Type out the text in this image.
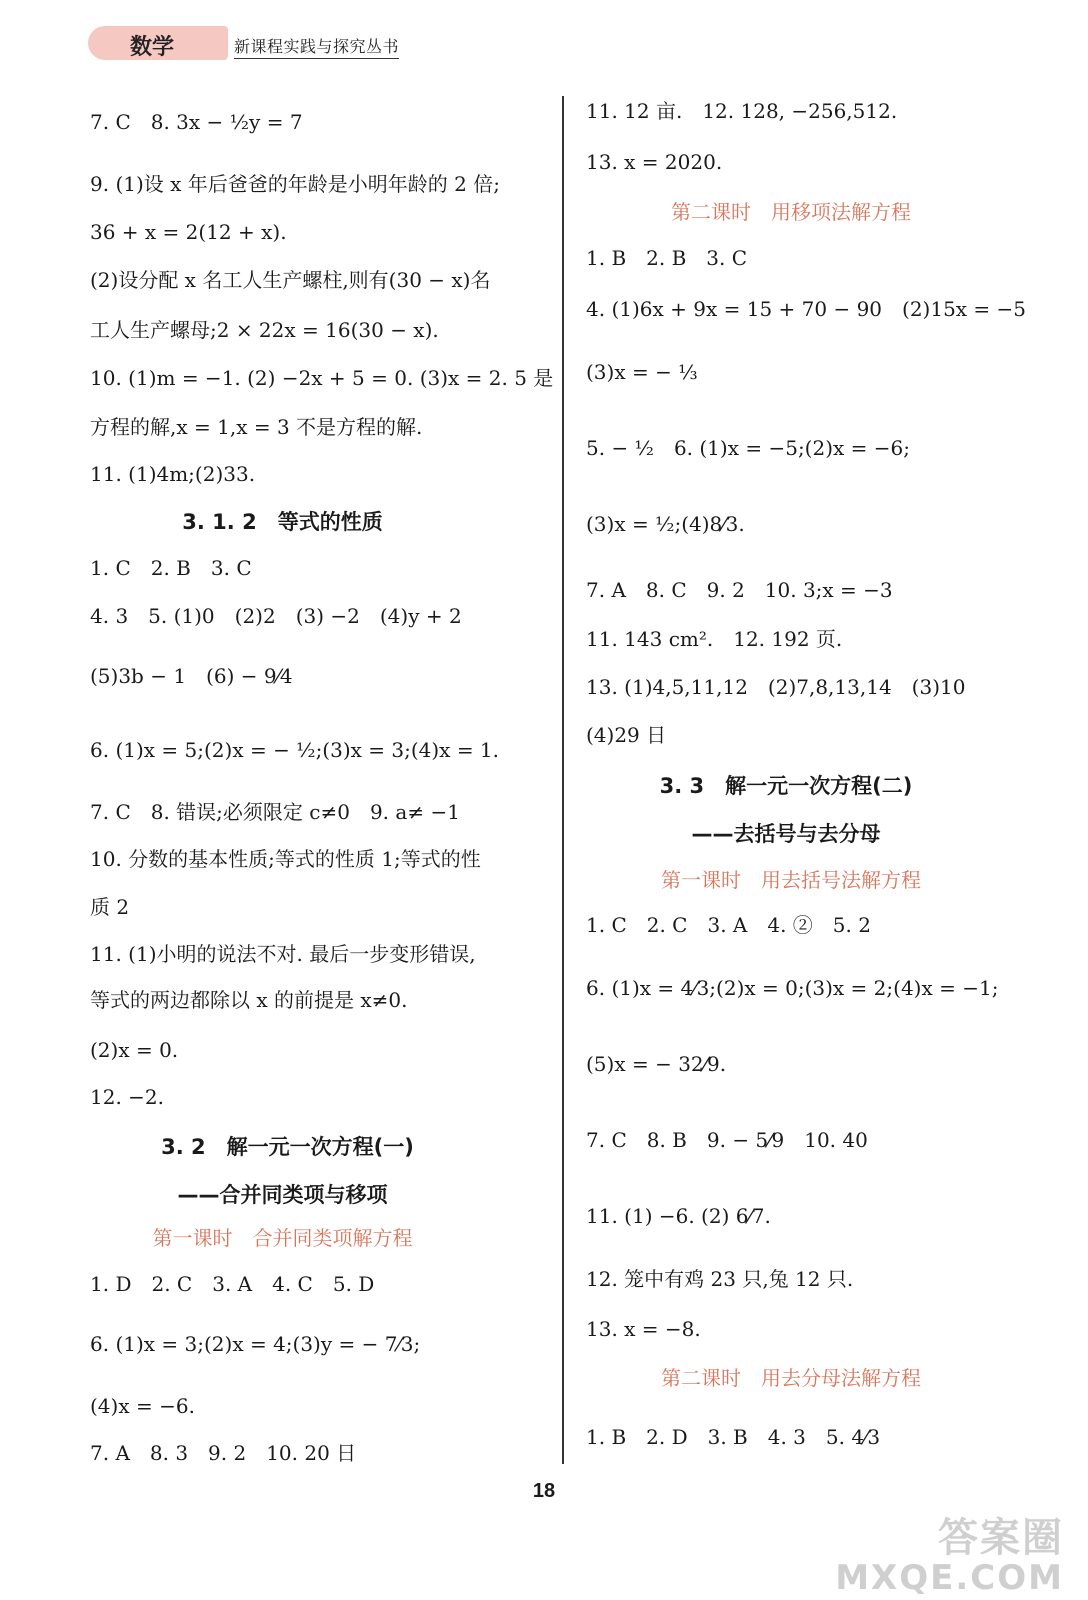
数学	新课程实践与探究丛书
7. C　8. 3x − ½y = 7
9. (1)设 x 年后爸爸的年龄是小明年龄的 2 倍;
36 + x = 2(12 + x).
(2)设分配 x 名工人生产螺柱,则有(30 − x)名
工人生产螺母;2 × 22x = 16(30 − x).
10. (1)m = −1. (2) −2x + 5 = 0. (3)x = 2. 5 是
方程的解,x = 1,x = 3 不是方程的解.
11. (1)4m;(2)33.
3. 1. 2　等式的性质
1. C　2. B　3. C
4. 3　5. (1)0　(2)2　(3) −2　(4)y + 2
(5)3b − 1　(6) − 9⁄4
6. (1)x = 5;(2)x = − ½;(3)x = 3;(4)x = 1.
7. C　8. 错误;必须限定 c≠0　9. a≠ −1
10. 分数的基本性质;等式的性质 1;等式的性
质 2
11. (1)小明的说法不对. 最后一步变形错误,
等式的两边都除以 x 的前提是 x≠0.
(2)x = 0.
12. −2.
3. 2　解一元一次方程(一)
——合并同类项与移项
第一课时　合并同类项解方程
1. D　2. C　3. A　4. C　5. D
6. (1)x = 3;(2)x = 4;(3)y = − 7⁄3;
(4)x = −6.
7. A　8. 3　9. 2　10. 20 日
11. 12 亩.　12. 128, −256,512.
13. x = 2020.
第二课时　用移项法解方程
1. B　2. B　3. C
4. (1)6x + 9x = 15 + 70 − 90　(2)15x = −5
(3)x = − ⅓
5. − ½　6. (1)x = −5;(2)x = −6;
(3)x = ½;(4)8⁄3.
7. A　8. C　9. 2　10. 3;x = −3
11. 143 cm².　12. 192 页.
13. (1)4,5,11,12　(2)7,8,13,14　(3)10
(4)29 日
3. 3　解一元一次方程(二)
——去括号与去分母
第一课时　用去括号法解方程
1. C　2. C　3. A　4. ②　5. 2
6. (1)x = 4⁄3;(2)x = 0;(3)x = 2;(4)x = −1;
(5)x = − 32⁄9.
7. C　8. B　9. − 5⁄9　10. 40
11. (1) −6. (2) 6⁄7.
12. 笼中有鸡 23 只,兔 12 只.
13. x = −8.
第二课时　用去分母法解方程
1. B　2. D　3. B　4. 3　5. 4⁄3
18
答案圈
MXQE.COM
